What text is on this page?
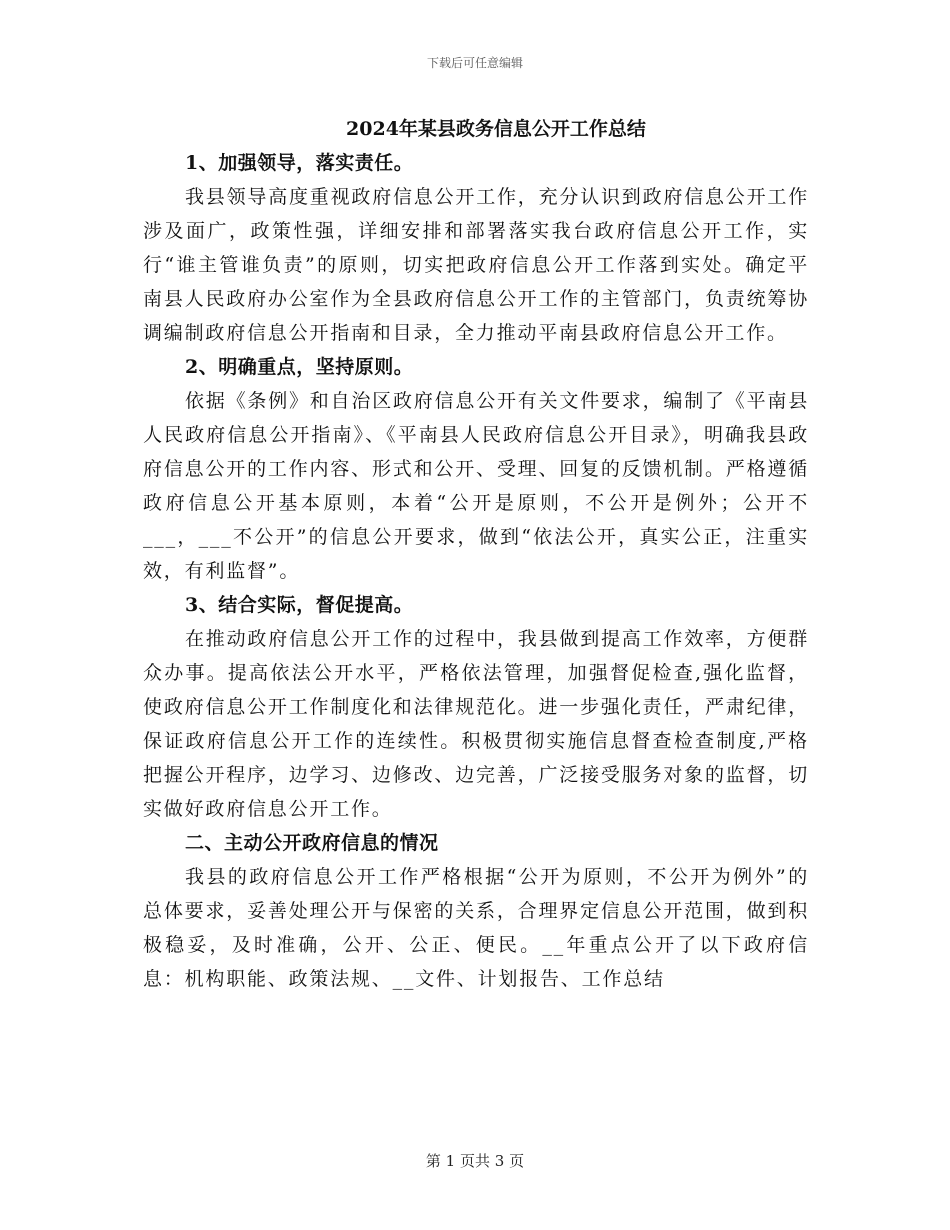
下载后可任意编辑

2024年某县政务信息公开工作总结

1、加强领导，落实责任。

我县领导高度重视政府信息公开工作，充分认识到政府信息公开工作涉及面广，政策性强，详细安排和部署落实我台政府信息公开工作，实行“谁主管谁负责”的原则，切实把政府信息公开工作落到实处。确定平南县人民政府办公室作为全县政府信息公开工作的主管部门，负责统筹协调编制政府信息公开指南和目录，全力推动平南县政府信息公开工作。

2、明确重点，坚持原则。

依据《条例》和自治区政府信息公开有关文件要求，编制了《平南县人民政府信息公开指南》、《平南县人民政府信息公开目录》，明确我县政府信息公开的工作内容、形式和公开、受理、回复的反馈机制。严格遵循政府信息公开基本原则，本着“公开是原则，不公开是例外；公开不___，___不公开”的信息公开要求，做到“依法公开，真实公正，注重实效，有利监督”。

3、结合实际，督促提高。

在推动政府信息公开工作的过程中，我县做到提高工作效率，方便群众办事。提高依法公开水平，严格依法管理，加强督促检查,强化监督，使政府信息公开工作制度化和法律规范化。进一步强化责任，严肃纪律，保证政府信息公开工作的连续性。积极贯彻实施信息督查检查制度,严格把握公开程序，边学习、边修改、边完善，广泛接受服务对象的监督，切实做好政府信息公开工作。

二、主动公开政府信息的情况

我县的政府信息公开工作严格根据“公开为原则，不公开为例外”的总体要求，妥善处理公开与保密的关系，合理界定信息公开范围，做到积极稳妥，及时准确，公开、公正、便民。__年重点公开了以下政府信息：机构职能、政策法规、__文件、计划报告、工作总结

第 1 页共 3 页
